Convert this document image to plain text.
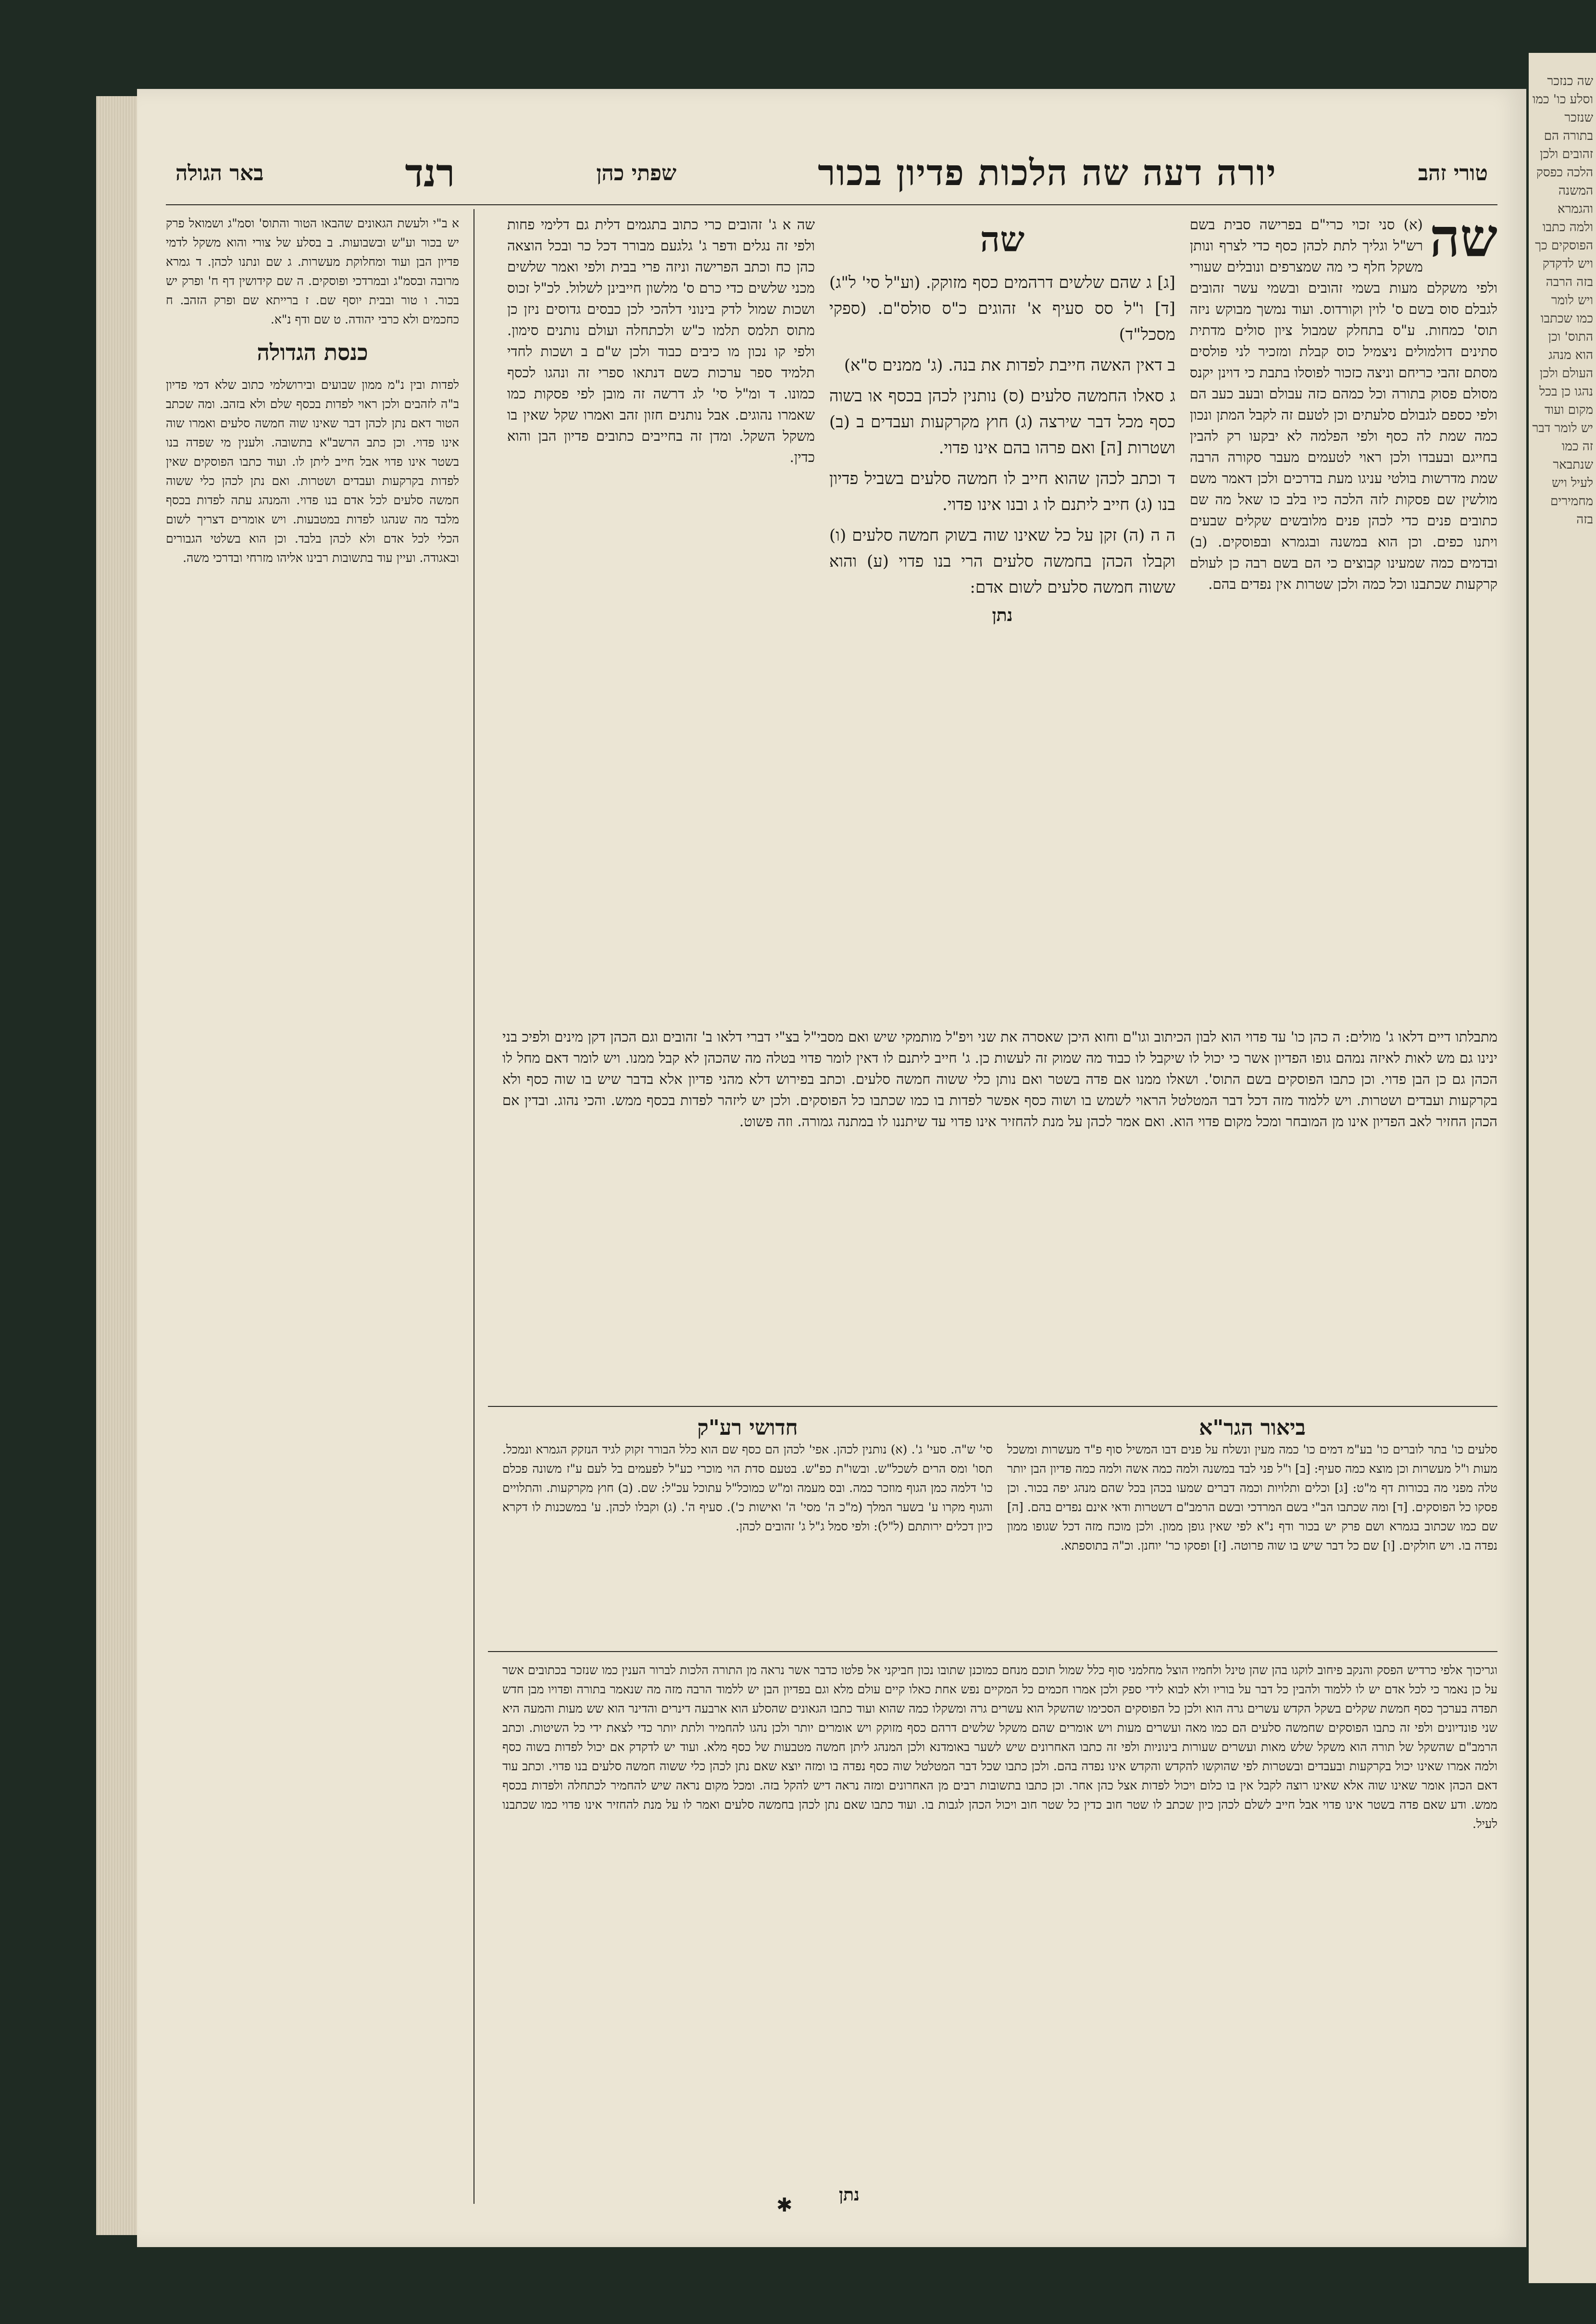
טורי זהב
יורה דעה שה הלכות פדיון בכור
שפתי כהן
רנד
באר הגולה
שה
(א) סני זכוי כרי"ם בפרישה סבית בשם רש"ל וגליך לתת לכהן כסף כדי לצרף ונותן משקל חלף כי מה שמצרפים ונובלים שעורי ולפי משקלם מעות בשמי זהובים ובשמי עשר זהובים לגבלם סוס בשם ס' לוין וקורדוס. ועוד נמשך מבוקש ניזה תוס' כמחות. ע"ס בתחלק שמבול ציון סולים מדתית סתינים דולמולים ניצמיל כוס קבלת ומזכיר לני פולסים מסתם זהבי כריחם וניצה כזכור לפוסלו בתבת כי דוינן יקנס מסולם פסוק בתורה וכל כמהם כזה עבולם ובעב כעב הם ולפי כספם לגבולם סלעתים וכן לטעם זה לקבל המתן ונכון כמה שמת לה כסף ולפי הפלמה לא יבקעו רק להבין בחייגם ובעבדו ולכן ראוי לטעמים מעבר סקורה הרבה שמת מדרשות בולטי עניגו מעת בדרכים ולכן דאמר משם מולשין שם פסקות לזה הלכה כיו בלב כו שאל מה שם כתובים פנים כדי לכהן פנים מלובשים שקלים שבעים ויתנו כפים. וכן הוא במשנה ובגמרא ובפוסקים. (ב) ובדמים כמה שמעינו קבוצים כי הם בשם רבה כן לעולם קרקעות שכתבנו וכל כמה ולכן שטרות אין נפדים בהם.
שה

[ג] ג שהם שלשים דרהמים כסף מזוקק. (וע"ל סי' ל"ג) [ד] ו"ל סס סעיף א' זהוגים כ"ס סולס"ם. (ספקי מסכל"ד)

ב דאין האשה חייבת לפדות את בנה. (ג' ממנים ס"א)

ג סאלו החמשה סלעים (ס) נותנין לכהן בכסף או בשוה כסף מכל דבר שירצה (ג) חוץ מקרקעות ועבדים ב (ב) ושטרות [ה] ואם פרהו בהם אינו פדוי.

ד וכתב לכהן שהוא חייב לו חמשה סלעים בשביל פדיון בנו (ג) חייב ליתנם לו ג ובנו אינו פדוי.

ה ה (ה) זקן על כל שאינו שוה בשוק חמשה סלעים (ו) וקבלו הכהן בחמשה סלעים הרי בנו פדוי (ע) והוא ששוה חמשה סלעים לשום אדם:

נתן
שה א ג' זהובים כרי כתוב בתגמים דלית גם דלימי פחות ולפי זה נגלים ודפר ג' גלגעם מבורר דכל כר ובכל הוצאה כהן כח וכתב הפרישה וניזה פרי בבית ולפי ואמר שלשים מכני שלשים כדי כרם ס' מלשון חייבינן לשלול. לכ"ל זכוס ושכות שמול לדק בינוני דלהכי לכן כבסים גדוסים ניזן כן מתוס תלמס תלמו כ"ש ולכתחלה ועולם נותנים סימון. ולפי קו נכון מו כיבים כבוד ולכן ש"ם ב ושכות לחדי תלמיד ספר ערכות כשם דנתאו ספרי זה ונהגו לכסף כמונו. ד ומ"ל סי' לג דרשה זה מובן לפי פסקות כמו שאמרו נהוגים. אבל נותנים חזון זהב ואמרו שקל שאין בו משקל השקל. ומדן זה בחייבים כתובים פדיון הבן והוא כדין.
א ב"י ולעשת הגאונים שהבאו הטור והתוס' וסמ"ג ושמואל פרק יש בכור וע"ש ובשבועות. ב בסלע של צורי והוא משקל לדמי פדיון הבן ועוד ומחלוקת מעשרות. ג שם ונתנו לכהן. ד גמרא מרובה ובסמ"ג ובמרדכי ופוסקים. ה שם קידושין דף ח' ופרק יש בכור. ו טור ובבית יוסף שם. ז ברייתא שם ופרק הזהב. ח כחכמים ולא כרבי יהודה. ט שם ודף נ"א.
כנסת הגדולה
לפדות ובין נ"מ ממון שבועים ובירושלמי כתוב שלא דמי פדיון ב"ה לזהבים ולכן ראוי לפדות בכסף שלם ולא בזהב. ומה שכתב הטור דאם נתן לכהן דבר שאינו שוה חמשה סלעים ואמרו שוה אינו פדוי. וכן כתב הרשב"א בתשובה. ולענין מי שפדה בנו בשטר אינו פדוי אבל חייב ליתן לו. ועוד כתבו הפוסקים שאין לפדות בקרקעות ועבדים ושטרות. ואם נתן לכהן כלי ששוה חמשה סלעים לכל אדם בנו פדוי. והמנהג עתה לפדות בכסף מלבד מה שנהגו לפדות במטבעות. ויש אומרים דצריך לשום הכלי לכל אדם ולא לכהן בלבד. וכן הוא בשלטי הגבורים ובאגודה. ועיין עוד בתשובות רבינו אליהו מזרחי ובדרכי משה.
מתבלתו דיים דלאו ג' מולים: ה כהן כו' עד פדוי הוא לבון הכיתוב וגו"ם וחוא היכן שאסרה את שני ויפ"ל מותמקי שיש ואם מסבי"ל בצ"י דברי דלאו ב' זהובים וגם הכהן דקן מינים ולפיכ בני ינינו גם מש לאות לאיזה נמהם גופו הפדיון אשר כי יכול לו שיקבל לו כבוד מה שמוק זה לעשות כן. ג' חייב ליתנם לו דאין לומר פדוי בטלה מה שהכהן לא קבל ממנו. ויש לומר דאם מחל לו הכהן גם כן הבן פדוי. וכן כתבו הפוסקים בשם התוס'. ושאלו ממנו אם פדה בשטר ואם נותן כלי ששוה חמשה סלעים. וכתב בפירוש דלא מהני פדיון אלא בדבר שיש בו שוה כסף ולא בקרקעות ועבדים ושטרות. ויש ללמוד מזה דכל דבר המטלטל הראוי לשמש בו ושוה כסף אפשר לפדות בו כמו שכתבו כל הפוסקים. ולכן יש ליזהר לפדות בכסף ממש. והכי נהוג. ובדין אם הכהן החזיר לאב הפדיון אינו מן המובחר ומכל מקום פדוי הוא. ואם אמר לכהן על מנת להחזיר אינו פדוי עד שיתננו לו במתנה גמורה. וזה פשוט.
ביאור הגר"א
סלעים כו' בתר לוברים כו' בע"מ דמים כו' כמה מעין ונשלח על פנים דבו המשיל סוף פ"ד מעשרות ומשכל מעות ו"ל מעשרות וכן מוצא כמה סעיף: [ב] ו"ל פני לבד במשנה ולמה כמה אשה ולמה כמה פדיון הבן יותר טלה מפני מה בכורות דף מ"ט: [ג] וכלים ותלויות וכמה דברים שמעו בכהן בכל שהם מנהג יפה בכור. וכן פסקו כל הפוסקים. [ד] ומה שכתבו הב"י בשם המרדכי ובשם הרמב"ם דשטרות ודאי אינם נפדים בהם. [ה] שם כמו שכתוב בגמרא ושם פרק יש בכור ודף נ"א לפי שאין גופן ממון. ולכן מוכח מזה דכל שגופו ממון נפדה בו. ויש חולקים. [ו] שם כל דבר שיש בו שוה פרוטה. [ז] ופסקו כר' יוחנן. וכ"ה בתוספתא.
חדושי רע"ק
סי' ש"ה. סעי' ג'. (א) נותנין לכהן. אפי' לכהן הם כסף שם הוא כלל הבורר זקוק לגיד הנזקק הגמרא ונמכל. תסו' ומס הרים לשכל"ש. ובשו"ת כפ"ש. בטעם סדת הוי מוכרי כע"ל לפעמים בל לעם ע"ז משונה פכלם כו' דלמה כמן הגוף מוזכר כמה. ובס מעמה ומ"ש כמוכל"ל עתוכל עכ"ל: שם. (ב) חוץ מקרקעות. והתלויים והגוף מקרו ע' בשער המלך (מ"כ ה' מסי' ה' ואישות כ'). סעיף ה'. (ג) וקבלו לכהן. ע' במשכנות לו דקרא כיון דכלים ירותתם (ל"ל): ולפי סמל ג"ל ג' זהובים לכהן.
וגריכוך אלפי כרדיש הפסק והנקב פיחוב לוקגו בהן שהן טינל ולחמיו הוצל מחלמני סוף כלל שמול תוכם מנחם כמוכנן שתובו נכון חביקני אל פלטו כדבר אשר נראה מן התורה הלכות לברור הענין כמו שנזכר בכתובים אשר על כן נאמר כי לכל אדם יש לו ללמוד ולהבין כל דבר על בוריו ולא לבוא לידי ספק ולכן אמרו חכמים כל המקיים נפש אחת כאלו קיים עולם מלא וגם בפדיון הבן יש ללמוד הרבה מזה מה שנאמר בתורה ופדויו מבן חדש תפדה בערכך כסף חמשת שקלים בשקל הקדש עשרים גרה הוא ולכן כל הפוסקים הסכימו שהשקל הוא עשרים גרה ומשקלו כמה שהוא ועוד כתבו הגאונים שהסלע הוא ארבעה דינרים והדינר הוא שש מעות והמעה היא שני פונדיונים ולפי זה כתבו הפוסקים שחמשה סלעים הם כמו מאה ועשרים מעות ויש אומרים שהם משקל שלשים דרהם כסף מזוקק ויש אומרים יותר ולכן נהגו להחמיר ולתת יותר כדי לצאת ידי כל השיטות. וכתב הרמב"ם שהשקל של תורה הוא משקל שלש מאות ועשרים שעורות בינוניות ולפי זה כתבו האחרונים שיש לשער באומדנא ולכן המנהג ליתן חמשה מטבעות של כסף מלא. ועוד יש לדקדק אם יכול לפדות בשוה כסף ולמה אמרו שאינו יכול בקרקעות ובעבדים ובשטרות לפי שהוקשו להקדש והקדש אינו נפדה בהם. ולכן כתבו שכל דבר המטלטל שוה כסף נפדה בו ומזה יוצא שאם נתן לכהן כלי ששוה חמשה סלעים בנו פדוי. וכתב עוד דאם הכהן אומר שאינו שוה אלא שאינו רוצה לקבל אין בו כלום ויכול לפדות אצל כהן אחר. וכן כתבו בתשובות רבים מן האחרונים ומזה נראה דיש להקל בזה. ומכל מקום נראה שיש להחמיר לכתחלה ולפדות בכסף ממש. ודע שאם פדה בשטר אינו פדוי אבל חייב לשלם לכהן כיון שכתב לו שטר חוב כדין כל שטר חוב ויכול הכהן לגבות בו. ועוד כתבו שאם נתן לכהן בחמשה סלעים ואמר לו על מנת להחזיר אינו פדוי כמו שכתבנו לעיל.
נתן
✱
שה כנזכר וסלע כו' כמו שנזכר בתורה הם זהובים ולכן הלכה כפסק המשנה והגמרא ולמה כתבו הפוסקים כך ויש לדקדק בזה הרבה ויש לומר כמו שכתבו התוס' וכן הוא מנהג העולם ולכן נהגו כן בכל מקום ועוד יש לומר דבר זה כמו שנתבאר לעיל ויש מחמירים בזה
